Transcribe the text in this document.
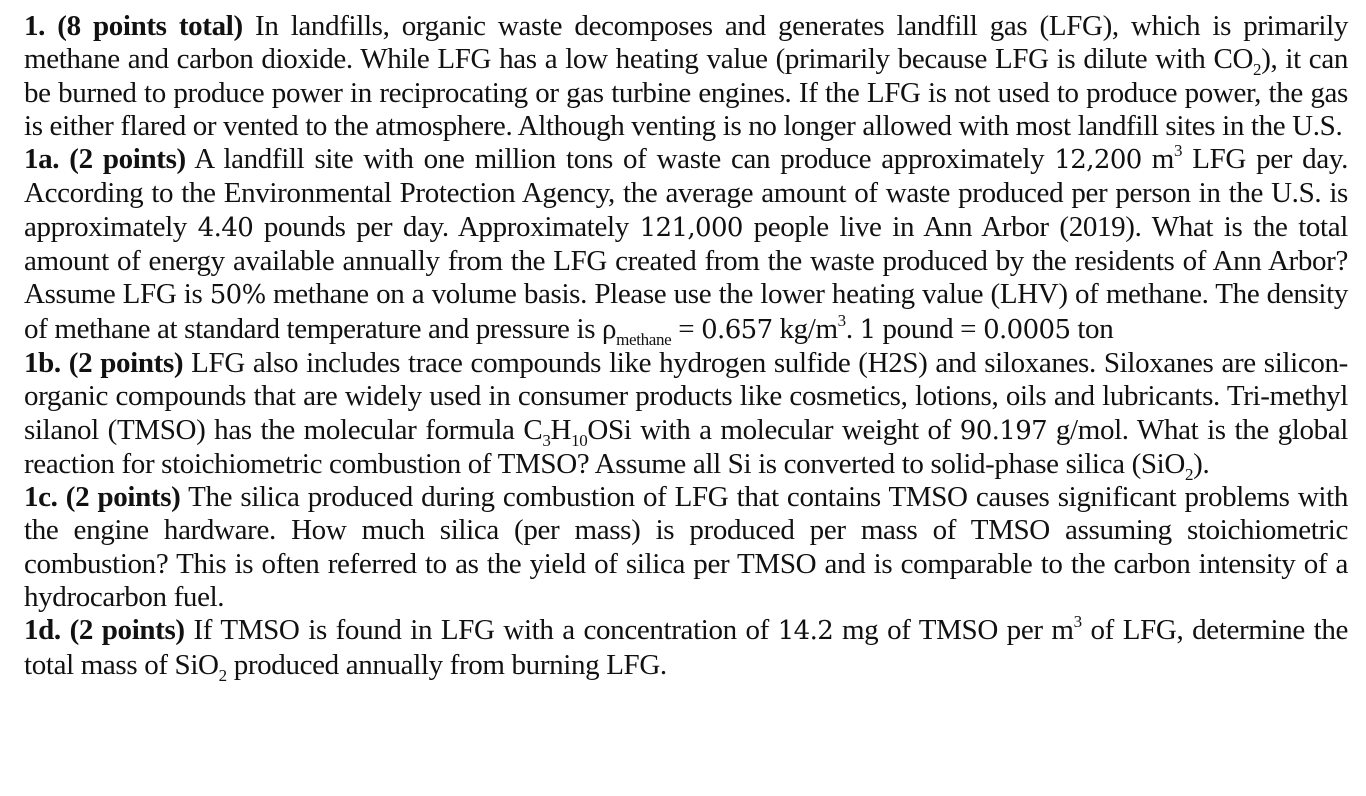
1. (8 points total) In landfills, organic waste decomposes and generates landfill gas (LFG), which is primarily methane and carbon dioxide. While LFG has a low heating value (primarily because LFG is dilute with $CO_2$), it can be burned to produce power in reciprocating or gas turbine engines. If the LFG is not used to produce power, the gas is either flared or vented to the atmosphere. Although venting is no longer allowed with most landfill sites in the U.S.

1a. (2 points) A landfill site with one million tons of waste can produce approximately 12,200 $m^3$ LFG per day. According to the Environmental Protection Agency, the average amount of waste produced per person in the U.S. is approximately 4.40 pounds per day. Approximately 121,000 people live in Ann Arbor (2019). What is the total amount of energy available annually from the LFG created from the waste produced by the residents of Ann Arbor? Assume LFG is 50% methane on a volume basis. Please use the lower heating value (LHV) of methane. The density of methane at standard temperature and pressure is $\rho_{methane} = 0.657$ $kg/m^3$. 1 pound = 0.0005 ton

1b. (2 points) LFG also includes trace compounds like hydrogen sulfide (H2S) and siloxanes. Siloxanes are silicon-organic compounds that are widely used in consumer products like cosmetics, lotions, oils and lubricants. Tri-methyl silanol (TMSO) has the molecular formula $C_3H_{10}OSi$ with a molecular weight of 90.197 g/mol. What is the global reaction for stoichiometric combustion of TMSO? Assume all Si is converted to solid-phase silica (SiO$_2$).

1c. (2 points) The silica produced during combustion of LFG that contains TMSO causes significant problems with the engine hardware. How much silica (per mass) is produced per mass of TMSO assuming stoichiometric combustion? This is often referred to as the yield of silica per TMSO and is comparable to the carbon intensity of a hydrocarbon fuel.

1d. (2 points) If TMSO is found in LFG with a concentration of 14.2 mg of TMSO per $m^3$ of LFG, determine the total mass of SiO$_2$ produced annually from burning LFG.
